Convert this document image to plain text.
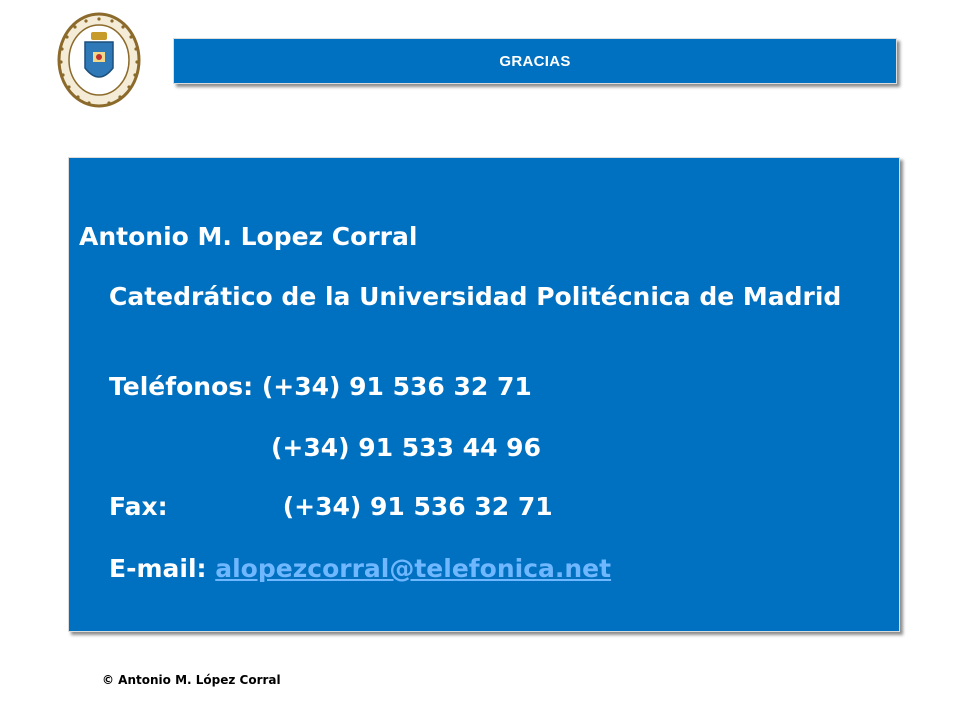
GRACIAS
Antonio M. Lopez Corral
Catedrático de la Universidad Politécnica de Madrid
Teléfonos: (+34) 91 536 32 71
(+34) 91 533 44 96
Fax:	(+34) 91 536 32 71
E-mail: alopezcorral@telefonica.net
© Antonio M. López Corral
